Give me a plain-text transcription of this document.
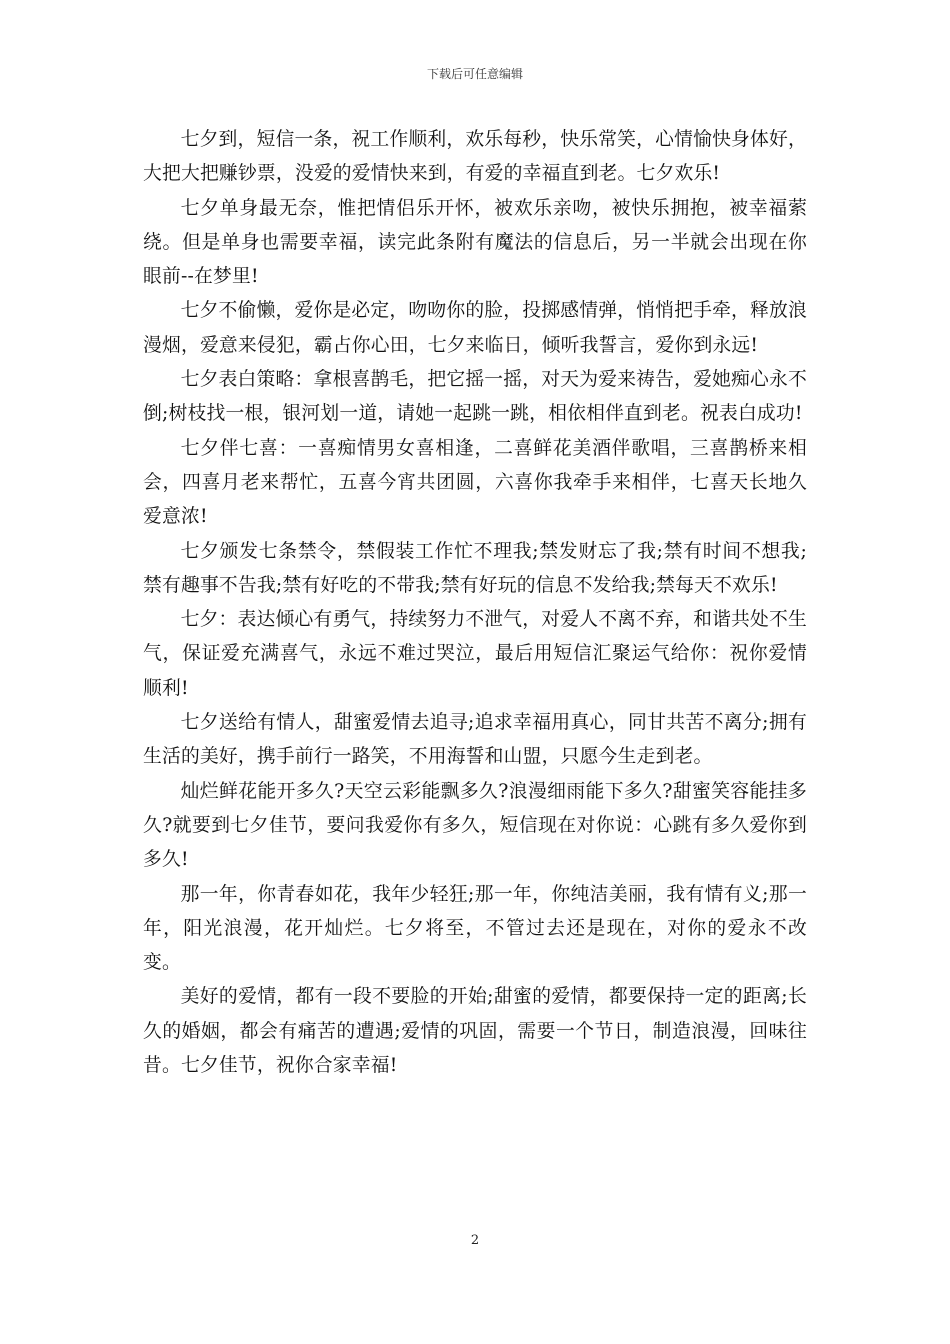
下载后可任意编辑

七夕到，短信一条，祝工作顺利，欢乐每秒，快乐常笑，心情愉快身体好，大把大把赚钞票，没爱的爱情快来到，有爱的幸福直到老。七夕欢乐!

七夕单身最无奈，惟把情侣乐开怀，被欢乐亲吻，被快乐拥抱，被幸福萦绕。但是单身也需要幸福，读完此条附有魔法的信息后，另一半就会出现在你眼前--在梦里!

七夕不偷懒，爱你是必定，吻吻你的脸，投掷感情弹，悄悄把手牵，释放浪漫烟，爱意来侵犯，霸占你心田，七夕来临日，倾听我誓言，爱你到永远!

七夕表白策略：拿根喜鹊毛，把它摇一摇，对天为爱来祷告，爱她痴心永不倒;树枝找一根，银河划一道，请她一起跳一跳，相依相伴直到老。祝表白成功!

七夕伴七喜：一喜痴情男女喜相逢，二喜鲜花美酒伴歌唱，三喜鹊桥来相会，四喜月老来帮忙，五喜今宵共团圆，六喜你我牵手来相伴，七喜天长地久爱意浓!

七夕颁发七条禁令，禁假装工作忙不理我;禁发财忘了我;禁有时间不想我;禁有趣事不告我;禁有好吃的不带我;禁有好玩的信息不发给我;禁每天不欢乐!

七夕：表达倾心有勇气，持续努力不泄气，对爱人不离不弃，和谐共处不生气，保证爱充满喜气，永远不难过哭泣，最后用短信汇聚运气给你：祝你爱情顺利!

七夕送给有情人，甜蜜爱情去追寻;追求幸福用真心，同甘共苦不离分;拥有生活的美好，携手前行一路笑，不用海誓和山盟，只愿今生走到老。

灿烂鲜花能开多久?天空云彩能飘多久?浪漫细雨能下多久?甜蜜笑容能挂多久?就要到七夕佳节，要问我爱你有多久，短信现在对你说：心跳有多久爱你到多久!

那一年，你青春如花，我年少轻狂;那一年，你纯洁美丽，我有情有义;那一年，阳光浪漫，花开灿烂。七夕将至，不管过去还是现在，对你的爱永不改变。

美好的爱情，都有一段不要脸的开始;甜蜜的爱情，都要保持一定的距离;长久的婚姻，都会有痛苦的遭遇;爱情的巩固，需要一个节日，制造浪漫，回味往昔。七夕佳节，祝你合家幸福!

2
